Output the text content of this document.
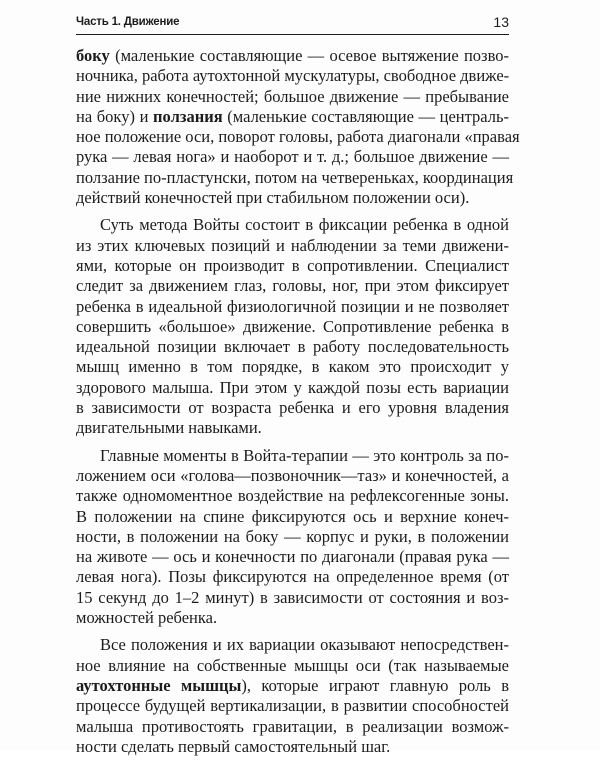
Часть 1. Движение	13
боку (маленькие составляющие — осевое вытяжение позво-
ночника, работа аутохтонной мускулатуры, свободное движе-
ние нижних конечностей; большое движение — пребывание
на боку) и ползания (маленькие составляющие — централь-
ное положение оси, поворот головы, работа диагонали «правая
рука — левая нога» и наоборот и т. д.; большое движение —
ползание по-пластунски, потом на четвереньках, координация
действий конечностей при стабильном положении оси).
Суть метода Войты состоит в фиксации ребенка в одной
из этих ключевых позиций и наблюдении за теми движени-
ями, которые он производит в сопротивлении. Специалист
следит за движением глаз, головы, ног, при этом фиксирует
ребенка в идеальной физиологичной позиции и не позволяет
совершить «большое» движение. Сопротивление ребенка в
идеальной позиции включает в работу последовательность
мышц именно в том порядке, в каком это происходит у
здорового малыша. При этом у каждой позы есть вариации
в зависимости от возраста ребенка и его уровня владения
двигательными навыками.
Главные моменты в Войта-терапии — это контроль за по-
ложением оси «голова—позвоночник—таз» и конечностей, а
также одномоментное воздействие на рефлексогенные зоны.
В положении на спине фиксируются ось и верхние конеч-
ности, в положении на боку — корпус и руки, в положении
на животе — ось и конечности по диагонали (правая рука —
левая нога). Позы фиксируются на определенное время (от
15 секунд до 1–2 минут) в зависимости от состояния и воз-
можностей ребенка.
Все положения и их вариации оказывают непосредствен-
ное влияние на собственные мышцы оси (так называемые
аутохтонные мышцы), которые играют главную роль в
процессе будущей вертикализации, в развитии способностей
малыша противостоять гравитации, в реализации возмож-
ности сделать первый самостоятельный шаг.
